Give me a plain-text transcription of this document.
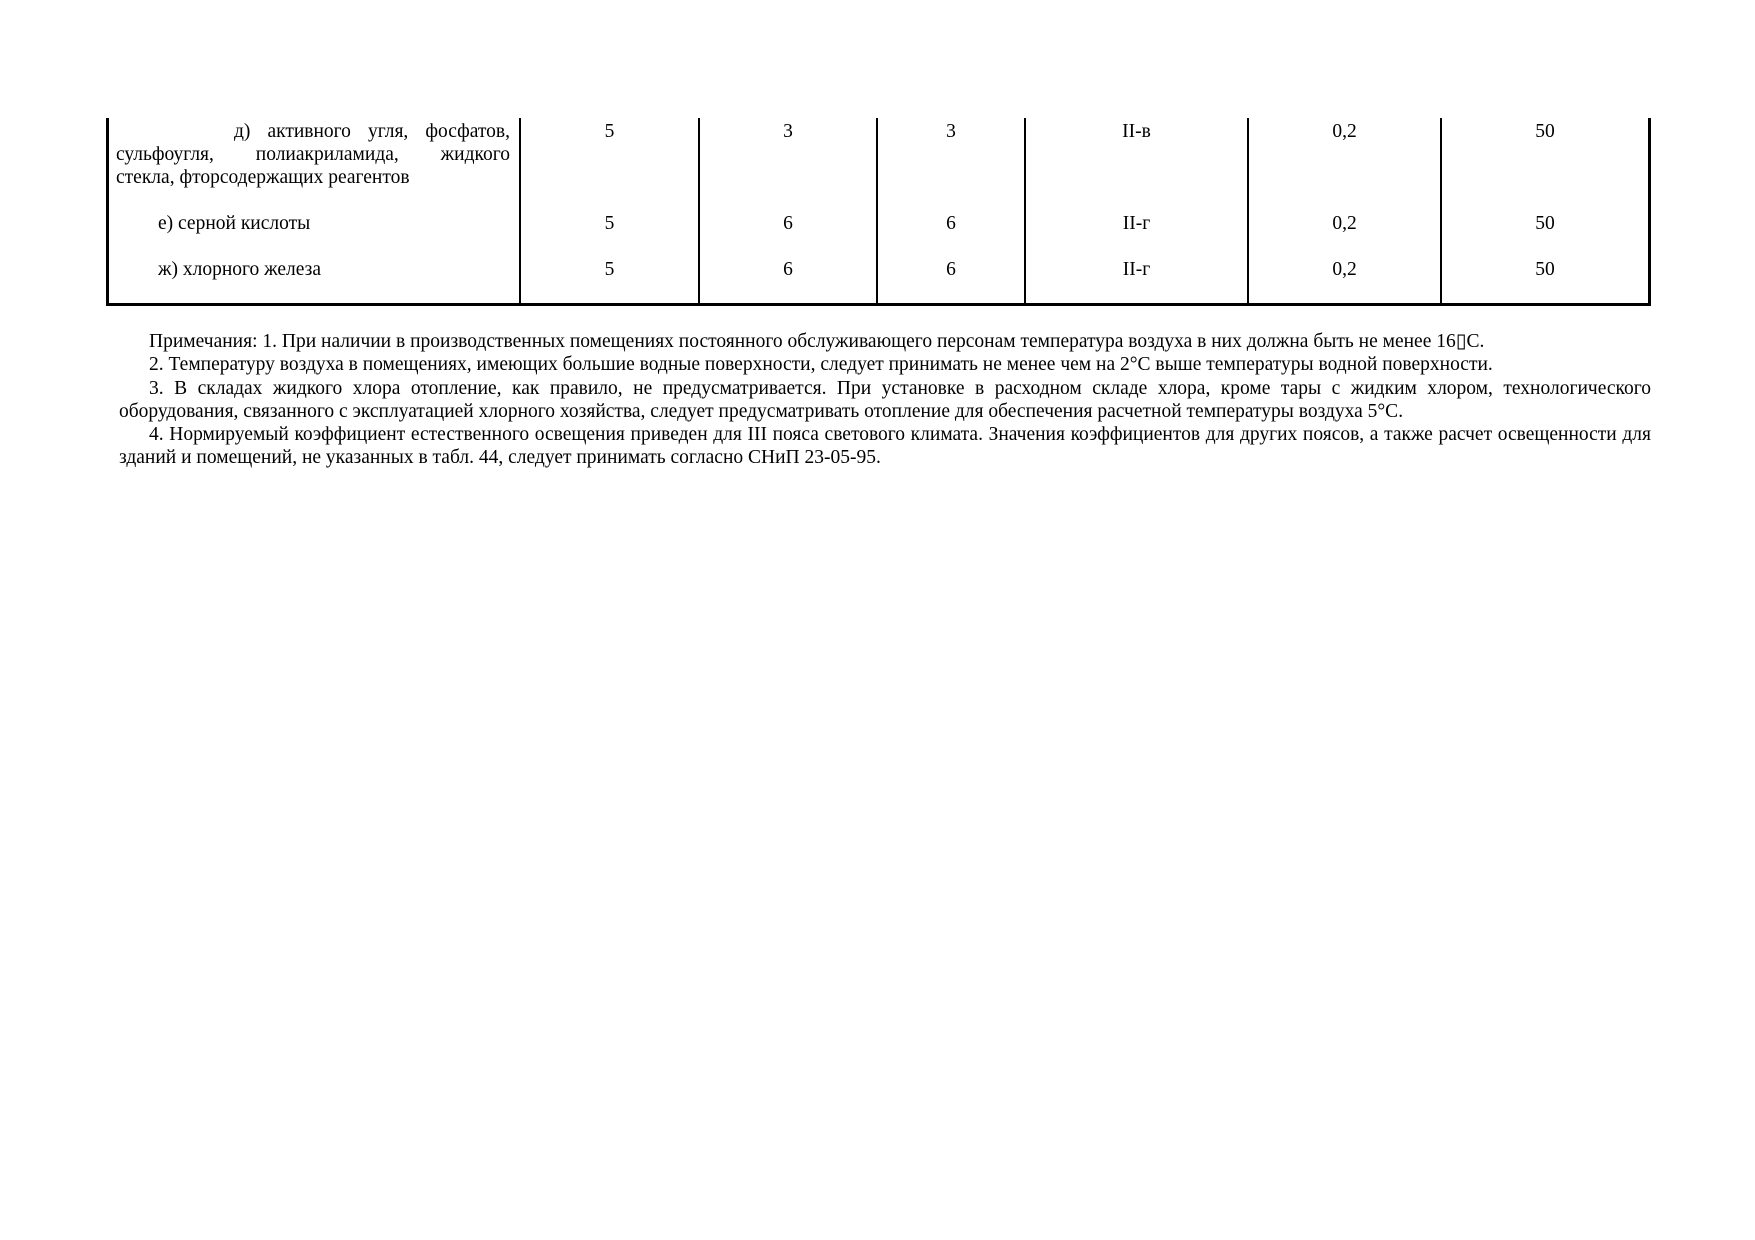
д) активного угля, фосфатов,
сульфоугля, полиакриламида, жидкого
стекла, фторсодержащих реагентов
5	3	3	II-в	0,2	50
е) серной кислоты	5	6	6	II-г	0,2	50
ж) хлорного железа	5	6	6	II-г	0,2	50

Примечания: 1. При наличии в производственных помещениях постоянного обслуживающего персонам температура воздуха в них должна быть не менее 16▯С.

2. Температуру воздуха в помещениях, имеющих большие водные поверхности, следует принимать не менее чем на 2°С выше температуры водной поверхности.

3. В складах жидкого хлора отопление, как правило, не предусматривается. При установке в расходном складе хлора, кроме тары с жидким хлором, технологического оборудования, связанного с эксплуатацией хлорного хозяйства, следует предусматривать отопление для обеспечения расчетной температуры воздуха 5°С.

4. Нормируемый коэффициент естественного освещения приведен для III пояса светового климата. Значения коэффициентов для других поясов, а также расчет освещенности для зданий и помещений, не указанных в табл. 44, следует принимать согласно СНиП 23-05-95.
